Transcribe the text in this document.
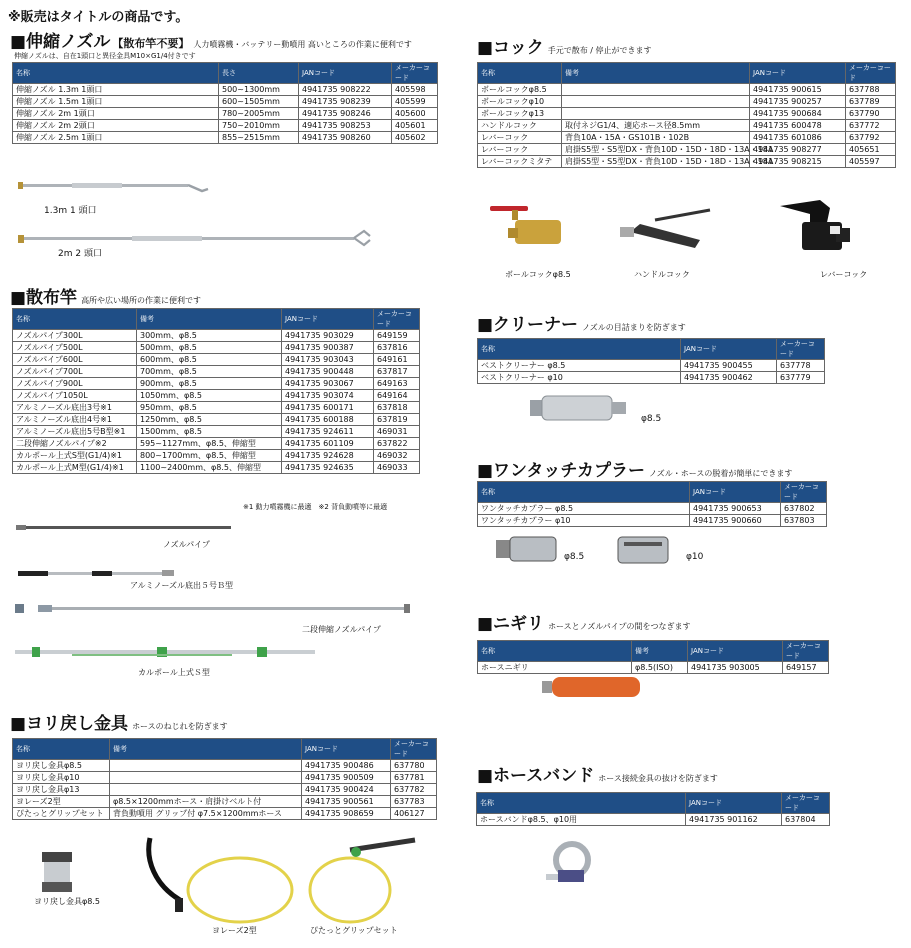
※販売はタイトルの商品です。
■伸縮ノズル 【散布竿不要】 人力噴霧機・バッテリー動噴用 高いところの作業に便利です
伸縮ノズルは、自在1頭口と異径金具M10×G1/4付きです
名称	長さ	JANコード	メーカーコード
伸縮ノズル 1.3m 1頭口	500~1300mm	4941735 908222	405598
伸縮ノズル 1.5m 1頭口	600~1505mm	4941735 908239	405599
伸縮ノズル 2m 1頭口	780~2005mm	4941735 908246	405600
伸縮ノズル 2m 2頭口	750~2010mm	4941735 908253	405601
伸縮ノズル 2.5m 1頭口	855~2515mm	4941735 908260	405602
1.3m 1 頭口
2m 2 頭口
■散布竿 高所や広い場所の作業に便利です
名称	備考	JANコード	メーカーコード
ノズルパイプ300L	300mm、φ8.5	4941735 903029	649159
ノズルパイプ500L	500mm、φ8.5	4941735 900387	637816
ノズルパイプ600L	600mm、φ8.5	4941735 903043	649161
ノズルパイプ700L	700mm、φ8.5	4941735 900448	637817
ノズルパイプ900L	900mm、φ8.5	4941735 903067	649163
ノズルパイプ1050L	1050mm、φ8.5	4941735 903074	649164
アルミノーズル底出3号※1	950mm、φ8.5	4941735 600171	637818
アルミノーズル底出4号※1	1250mm、φ8.5	4941735 600188	637819
アルミノーズル底出5号B型※1	1500mm、φ8.5	4941735 924611	469031
二段伸縮ノズルパイプ※2	595~1127mm、φ8.5、伸縮型	4941735 601109	637822
カルポール上式S型(G1/4)※1	800~1700mm、φ8.5、伸縮型	4941735 924628	469032
カルポール上式M型(G1/4)※1	1100~2400mm、φ8.5、伸縮型	4941735 924635	469033
※1 動力噴霧機に最適　※2 背負動噴等に最適
ノズルパイプ
アルミノーズル底出５号Ｂ型
二段伸縮ノズルパイプ
カルポール上式Ｓ型
■ヨリ戻し金具 ホースのねじれを防ぎます
名称	備考	JANコード	メーカーコード
ヨリ戻し金具φ8.5		4941735 900486	637780
ヨリ戻し金具φ10		4941735 900509	637781
ヨリ戻し金具φ13		4941735 900424	637782
ヨレーズ2型	φ8.5×1200mmホース・肩掛けベルト付	4941735 900561	637783
ぴたっとグリップセット	背負動噴用 グリップ付 φ7.5×1200mmホース	4941735 908659	406127
ヨリ戻し金具φ8.5
ヨレーズ2型	ぴたっとグリップセット
■コック 手元で散布 / 停止ができます
名称	備考	JANコード	メーカーコード
ボールコックφ8.5		4941735 900615	637788
ボールコックφ10		4941735 900257	637789
ボールコックφ13		4941735 900684	637790
ハンドルコック	取付ネジG1/4、適応ホース径8.5mm	4941735 600478	637772
レバーコック	背負10A・15A・GS101B・102B	4941735 601086	637792
レバーコック	肩掛S5型・S5型DX・背負10D・15D・18D・13A・18A	4941735 908277	405651
レバーコックミタテ	肩掛S5型・S5型DX・背負10D・15D・18D・13A・18A	4941735 908215	405597
ボールコックφ8.5	ハンドルコック	レバーコック
■クリーナー ノズルの目詰まりを防ぎます
名称	JANコード	メーカーコード
ベストクリーナー φ8.5	4941735 900455	637778
ベストクリーナー φ10	4941735 900462	637779
φ8.5
■ワンタッチカプラー ノズル・ホースの脱着が簡単にできます
名称	JANコード	メーカーコード
ワンタッチカプラー φ8.5	4941735 900653	637802
ワンタッチカプラー φ10	4941735 900660	637803
φ8.5	φ10
■ニギリ ホースとノズルパイプの間をつなぎます
名称	備考	JANコード	メーカーコード
ホースニギリ	φ8.5(ISO)	4941735 903005	649157
■ホースバンド ホース接続金具の抜けを防ぎます
名称	JANコード	メーカーコード
ホースバンドφ8.5、φ10用	4941735 901162	637804
